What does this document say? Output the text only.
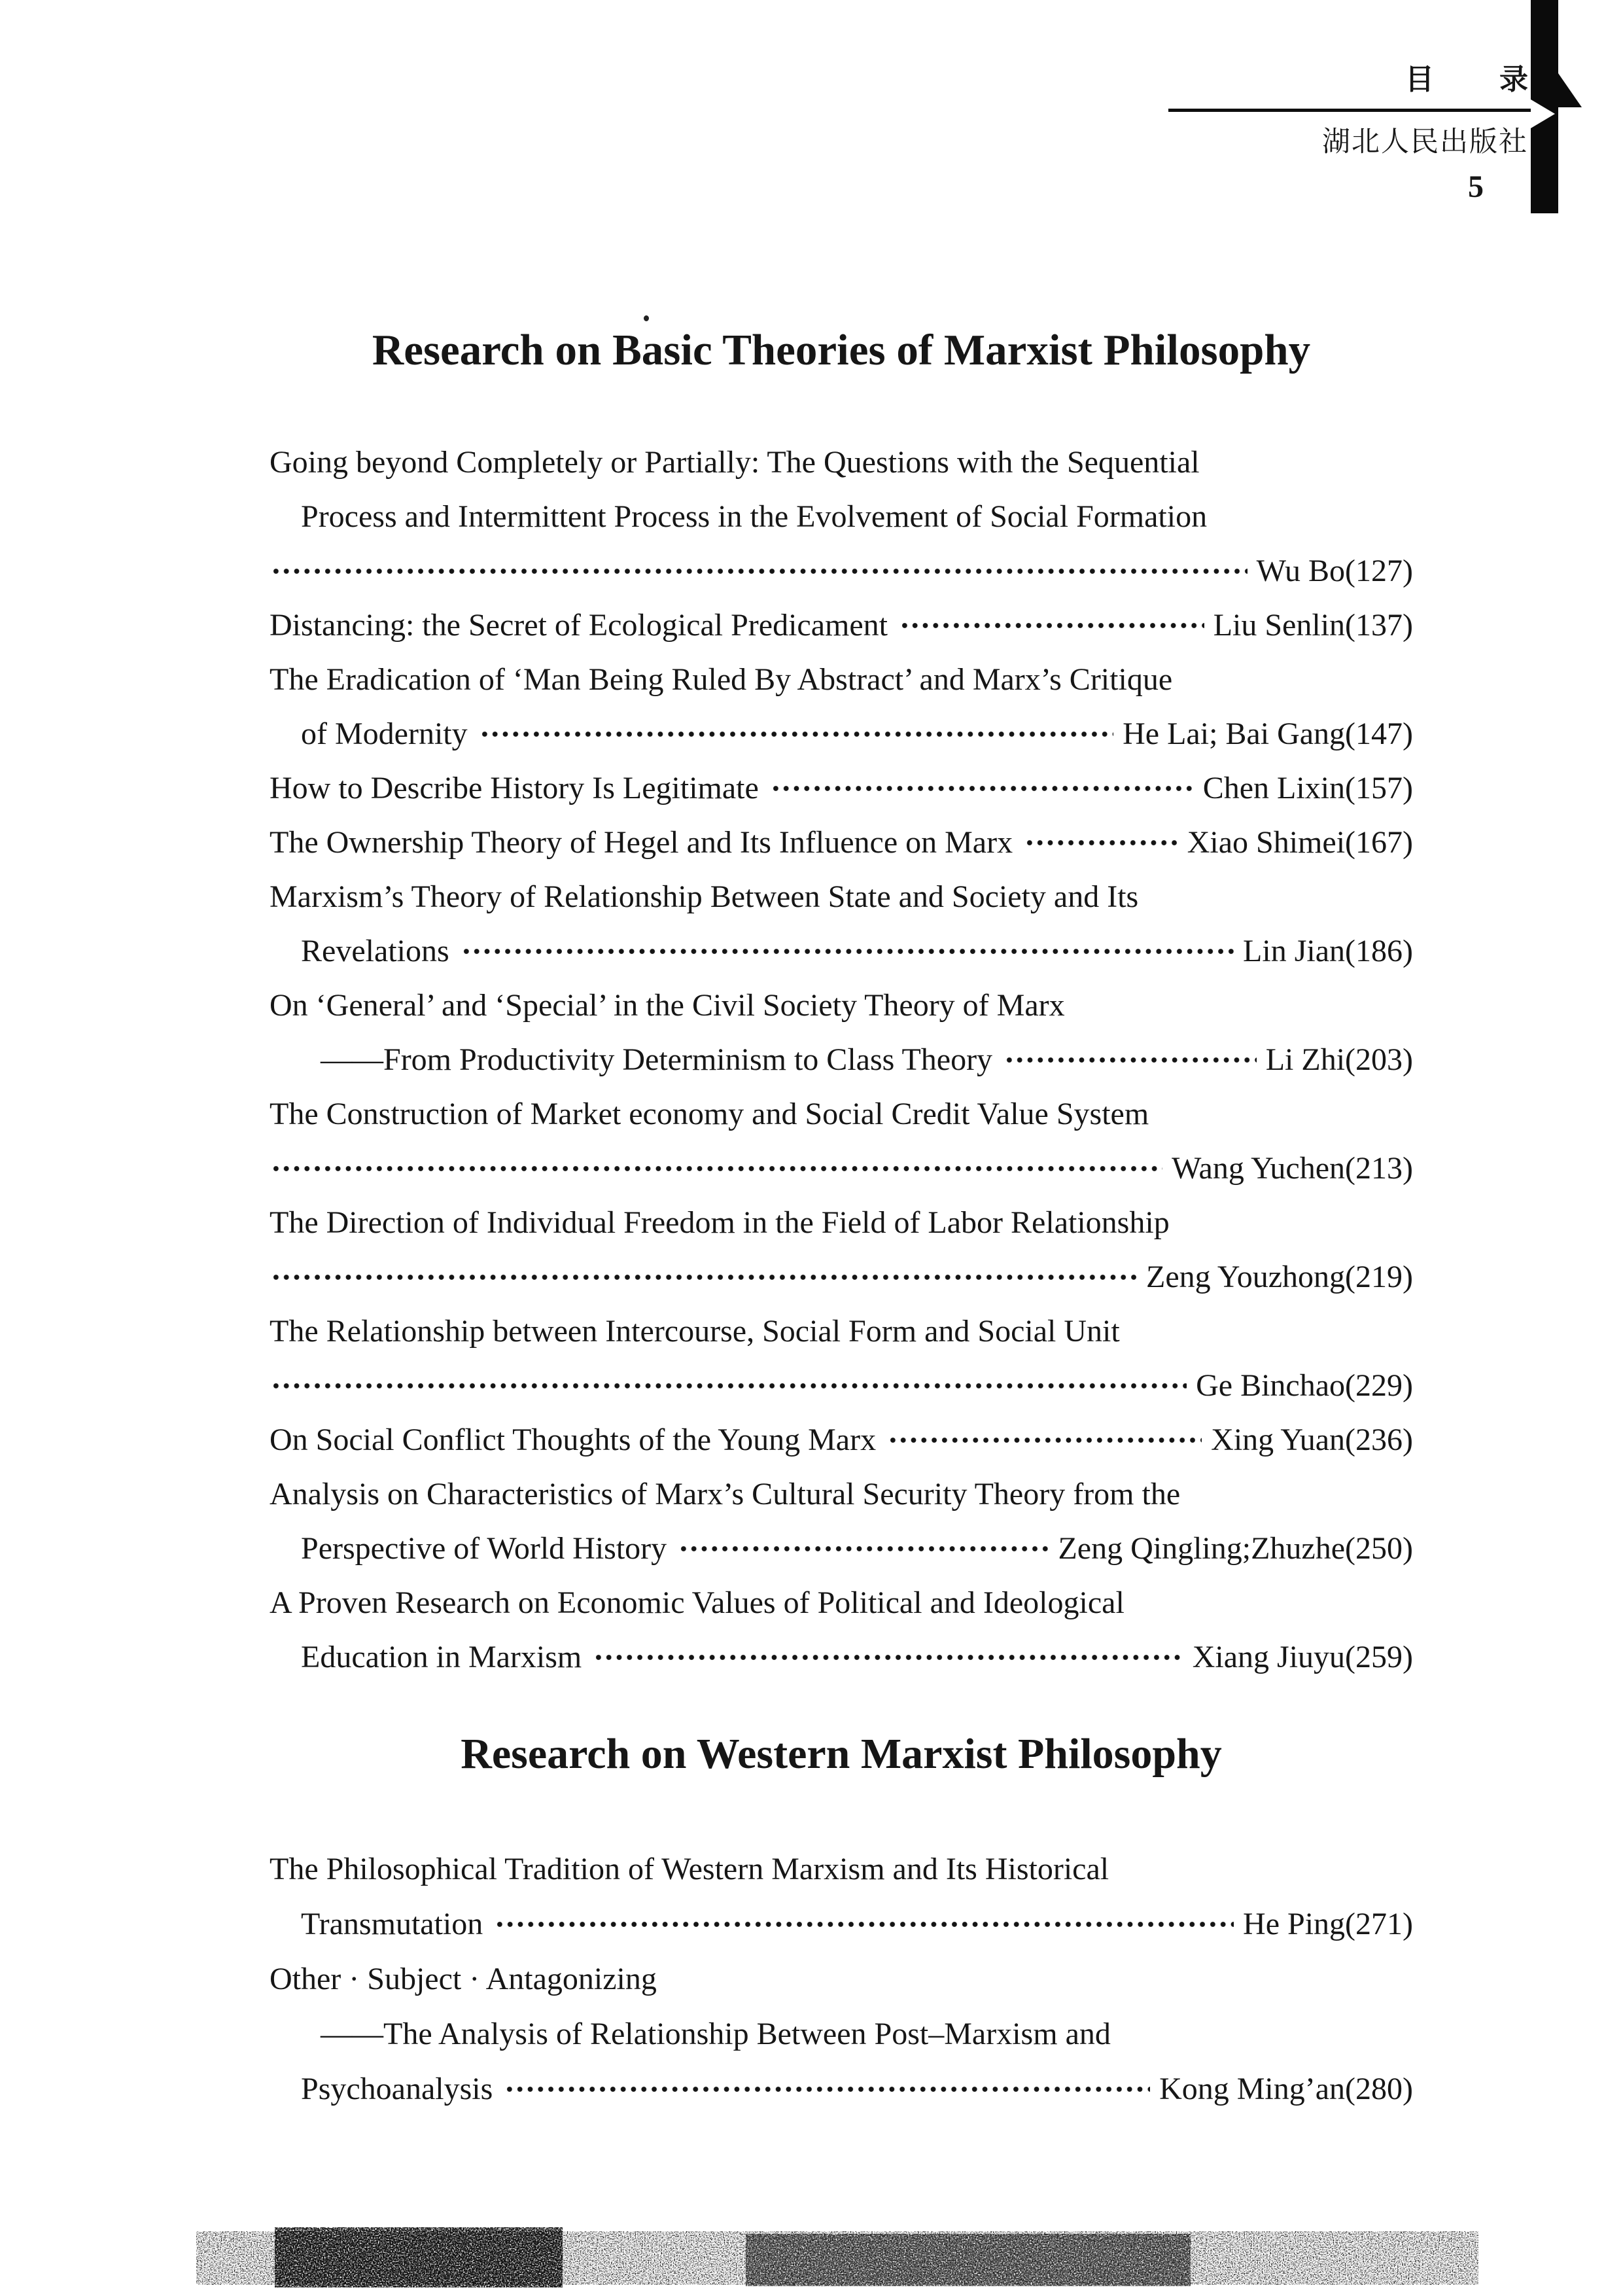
目 录
湖北人民出版社
5
Research on Basic Theories of Marxist Philosophy
Going beyond Completely or Partially: The Questions with the Sequential
Process and Intermittent Process in the Evolvement of Social Formation
Wu Bo(127)
Distancing: the Secret of Ecological Predicament	Liu Senlin(137)
The Eradication of ‘Man Being Ruled By Abstract’ and Marx’s Critique
of Modernity	He Lai; Bai Gang(147)
How to Describe History Is Legitimate	Chen Lixin(157)
The Ownership Theory of Hegel and Its Influence on Marx	Xiao Shimei(167)
Marxism’s Theory of Relationship Between State and Society and Its
Revelations	Lin Jian(186)
On ‘General’ and ‘Special’ in the Civil Society Theory of Marx
——From Productivity Determinism to Class Theory	Li Zhi(203)
The Construction of Market economy and Social Credit Value System
Wang Yuchen(213)
The Direction of Individual Freedom in the Field of Labor Relationship
Zeng Youzhong(219)
The Relationship between Intercourse, Social Form and Social Unit
Ge Binchao(229)
On Social Conflict Thoughts of the Young Marx	Xing Yuan(236)
Analysis on Characteristics of Marx’s Cultural Security Theory from the
Perspective of World History	Zeng Qingling;Zhuzhe(250)
A Proven Research on Economic Values of Political and Ideological
Education in Marxism	Xiang Jiuyu(259)
Research on Western Marxist Philosophy
The Philosophical Tradition of Western Marxism and Its Historical
Transmutation	He Ping(271)
Other · Subject · Antagonizing
——The Analysis of Relationship Between Post–Marxism and
Psychoanalysis	Kong Ming’an(280)
